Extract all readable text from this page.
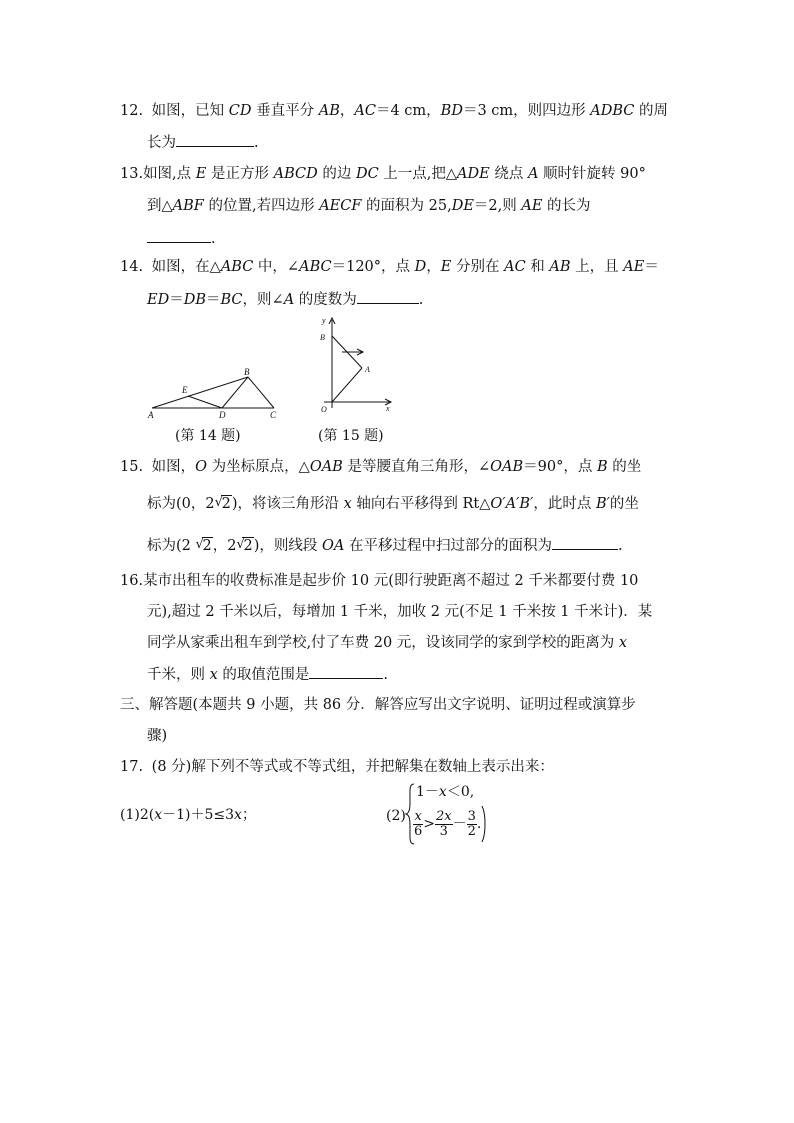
12. 如图，已知 CD 垂直平分 AB，AC＝4 cm，BD＝3 cm，则四边形 ADBC 的周
长为	.
13.如图,点 E 是正方形 ABCD 的边 DC 上一点,把△ADE 绕点 A 顺时针旋转 90°
到△ABF 的位置,若四边形 AECF 的面积为 25,DE＝2,则 AE 的长为
.
14. 如图，在△ABC 中，∠ABC＝120°，点 D，E 分别在 AC 和 AB 上，且 AE＝
ED＝DB＝BC，则∠A 的度数为	.
A
B
C
D
E
(第 14 题)
y
x
B
A
O
(第 15 题)
15. 如图，O 为坐标原点，△OAB 是等腰直角三角形，∠OAB＝90°，点 B 的坐
标为(0，2 √
2)，将该三角形沿 x 轴向右平移得到 Rt△O′A′B′，此时点 B′的坐
标为(2 √
2，2 √
2)，则线段 OA 在平移过程中扫过部分的面积为	.
16.某市出租车的收费标准是起步价 10 元(即行驶距离不超过 2 千米都要付费 10
元),超过 2 千米以后，每增加 1 千米，加收 2 元(不足 1 千米按 1 千米计)．某
同学从家乘出租车到学校,付了车费 20 元，设该同学的家到学校的距离为 x
千米，则 x 的取值范围是	.
三、解答题(本题共 9 小题，共 86 分．解答应写出文字说明、证明过程或演算步
骤)
17. (8 分)解下列不等式或不等式组，并把解集在数轴上表示出来：
(1)2(x－1)＋5≤3x；	(2)
1－x＜0,
$\frac{x}{6} > \frac{2x}{3} - \frac{3}{2}$ .
